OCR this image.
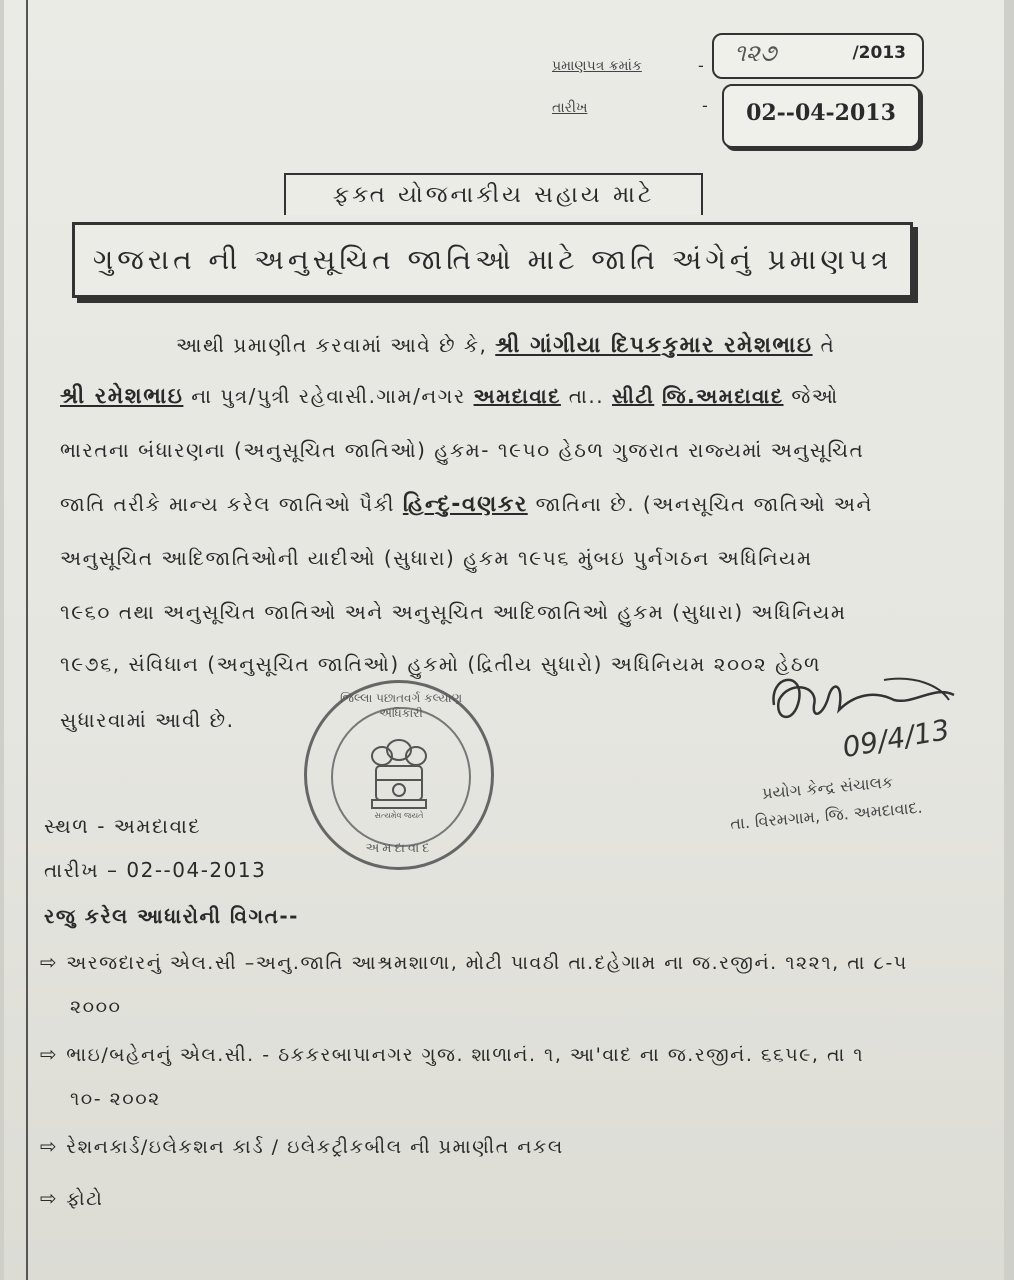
પ્રમાણપત્ર ક્રમાંક	- ૧૨૭	/2013
તારીખ	-	02--04-2013
ફક્ત યોજનાકીય સહાય માટે
ગુજરાત ની અનુસૂચિત જાતિઓ માટે જાતિ અંગેનું પ્રમાણપત્ર
આથી પ્રમાણીત કરવામાં આવે છે કે, શ્રી ગાંગીયા દિપકકુમાર રમેશભાઇ તે
શ્રી રમેશભાઇ ના પુત્ર/પુત્રી રહેવાસી.ગામ/નગર અમદાવાદ તા.. સીટી જિ.અમદાવાદ જેઓ
ભારતના બંધારણના (અનુસૂચિત જાતિઓ) હુકમ- ૧૯૫૦ હેઠળ ગુજરાત રાજ્યમાં અનુસૂચિત
જાતિ તરીકે માન્ય કરેલ જાતિઓ પૈકી હિન્દુ-વણકર જાતિના છે. (અનસૂચિત જાતિઓ અને
અનુસૂચિત આદિજાતિઓની યાદીઓ (સુધારા) હુકમ ૧૯૫૬ મુંબઇ પુર્નગઠન અધિનિયમ
૧૯૬૦ તથા અનુસૂચિત જાતિઓ અને અનુસૂચિત આદિજાતિઓ હુકમ (સુધારા) અધિનિયમ
૧૯૭૬, સંવિધાન (અનુસૂચિત જાતિઓ) હુકમો (દ્રિતીય સુધારો) અધિનિયમ ૨૦૦૨ હેઠળ
સુધારવામાં આવી છે.
સત્યમેવ જયતે
અમદાવાદ
જિલ્લા પછાતવર્ગ કલ્યાણ અધિકારી	09/4/13
પ્રયોગ કેન્દ્ર સંચાલક
તા. વિરમગામ, જિ. અમદાવાદ.
સ્થળ - અમદાવાદ
તારીખ – 02--04-2013
રજુ કરેલ આધારોની વિગત--
⇨ અરજદારનું એલ.સી –અનુ.જાતિ આશ્રમશાળા, મોટી પાવઠી તા.દહેગામ ના જ.રજીનં. ૧૨૨૧, તા ૮-૫
૨૦૦૦
⇨ ભાઇ/બહેનનું એલ.સી. - ઠકકરબાપાનગર ગુજ. શાળાનં. ૧, આ'વાદ ના જ.રજીનં. ૬૬૫૯, તા ૧
૧૦- ૨૦૦૨
⇨ રેશનકાર્ડ/ઇલેકશન કાર્ડ / ઇલેકટ્રીકબીલ ની પ્રમાણીત નકલ
⇨ ફોટો
